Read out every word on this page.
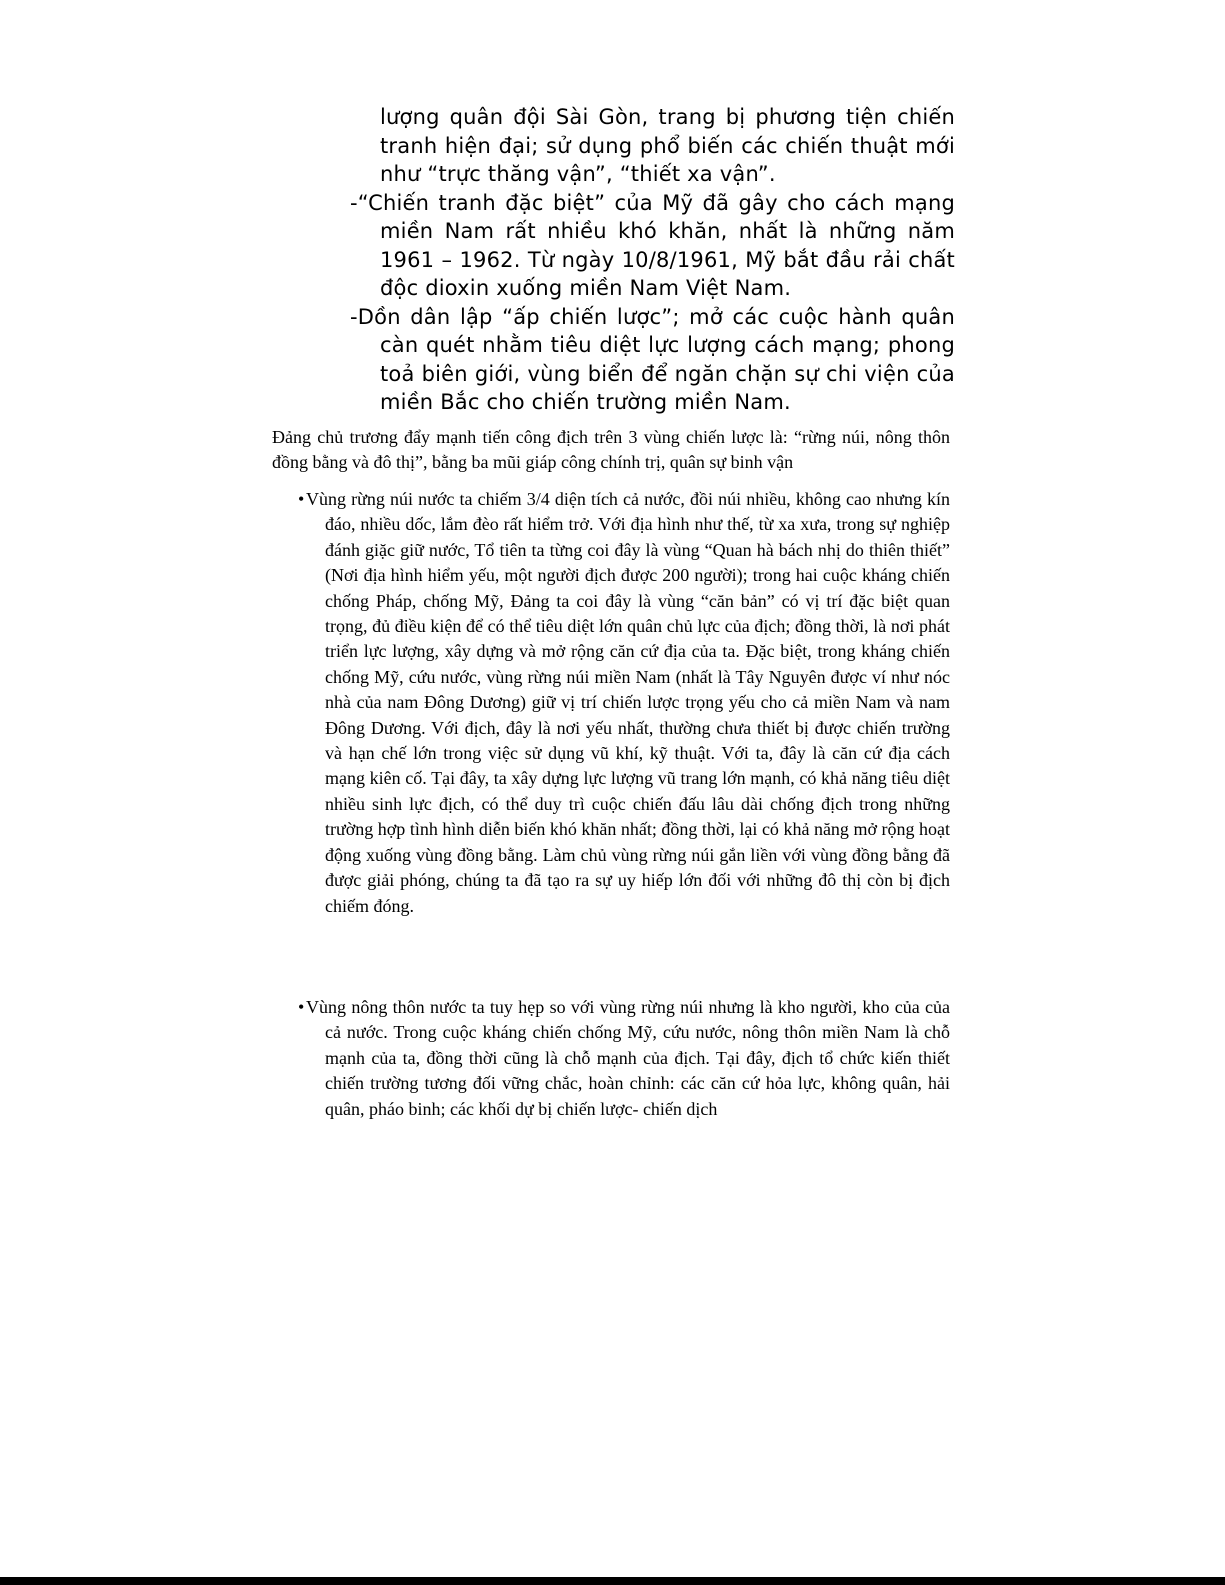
lượng quân đội Sài Gòn, trang bị phương tiện chiến tranh hiện đại; sử dụng phổ biến các chiến thuật mới như “trực thăng vận”, “thiết xa vận”.

-“Chiến tranh đặc biệt” của Mỹ đã gây cho cách mạng miền Nam rất nhiều khó khăn, nhất là những năm 1961 – 1962. Từ ngày 10/8/1961, Mỹ bắt đầu rải chất độc dioxin xuống miền Nam Việt Nam.

-Dồn dân lập “ấp chiến lược”; mở các cuộc hành quân càn quét nhằm tiêu diệt lực lượng cách mạng; phong toả biên giới, vùng biển để ngăn chặn sự chi viện của miền Bắc cho chiến trường miền Nam.

Đảng chủ trương đẩy mạnh tiến công địch trên 3 vùng chiến lược là: “rừng núi, nông thôn đồng bằng và đô thị”, bằng ba mũi giáp công chính trị, quân sự binh vận

•Vùng rừng núi nước ta chiếm 3/4 diện tích cả nước, đồi núi nhiều, không cao nhưng kín đáo, nhiều dốc, lắm đèo rất hiểm trở. Với địa hình như thế, từ xa xưa, trong sự nghiệp đánh giặc giữ nước, Tổ tiên ta từng coi đây là vùng “Quan hà bách nhị do thiên thiết” (Nơi địa hình hiểm yếu, một người địch được 200 người); trong hai cuộc kháng chiến chống Pháp, chống Mỹ, Đảng ta coi đây là vùng “căn bản” có vị trí đặc biệt quan trọng, đủ điều kiện để có thể tiêu diệt lớn quân chủ lực của địch; đồng thời, là nơi phát triển lực lượng, xây dựng và mở rộng căn cứ địa của ta. Đặc biệt, trong kháng chiến chống Mỹ, cứu nước, vùng rừng núi miền Nam (nhất là Tây Nguyên được ví như nóc nhà của nam Đông Dương) giữ vị trí chiến lược trọng yếu cho cả miền Nam và nam Đông Dương. Với địch, đây là nơi yếu nhất, thường chưa thiết bị được chiến trường và hạn chế lớn trong việc sử dụng vũ khí, kỹ thuật. Với ta, đây là căn cứ địa cách mạng kiên cố. Tại đây, ta xây dựng lực lượng vũ trang lớn mạnh, có khả năng tiêu diệt nhiều sinh lực địch, có thể duy trì cuộc chiến đấu lâu dài chống địch trong những trường hợp tình hình diễn biến khó khăn nhất; đồng thời, lại có khả năng mở rộng hoạt động xuống vùng đồng bằng. Làm chủ vùng rừng núi gắn liền với vùng đồng bằng đã được giải phóng, chúng ta đã tạo ra sự uy hiếp lớn đối với những đô thị còn bị địch chiếm đóng.

•Vùng nông thôn nước ta tuy hẹp so với vùng rừng núi nhưng là kho người, kho của của cả nước. Trong cuộc kháng chiến chống Mỹ, cứu nước, nông thôn miền Nam là chỗ mạnh của ta, đồng thời cũng là chỗ mạnh của địch. Tại đây, địch tổ chức kiến thiết chiến trường tương đối vững chắc, hoàn chỉnh: các căn cứ hỏa lực, không quân, hải quân, pháo binh; các khối dự bị chiến lược- chiến dịch
